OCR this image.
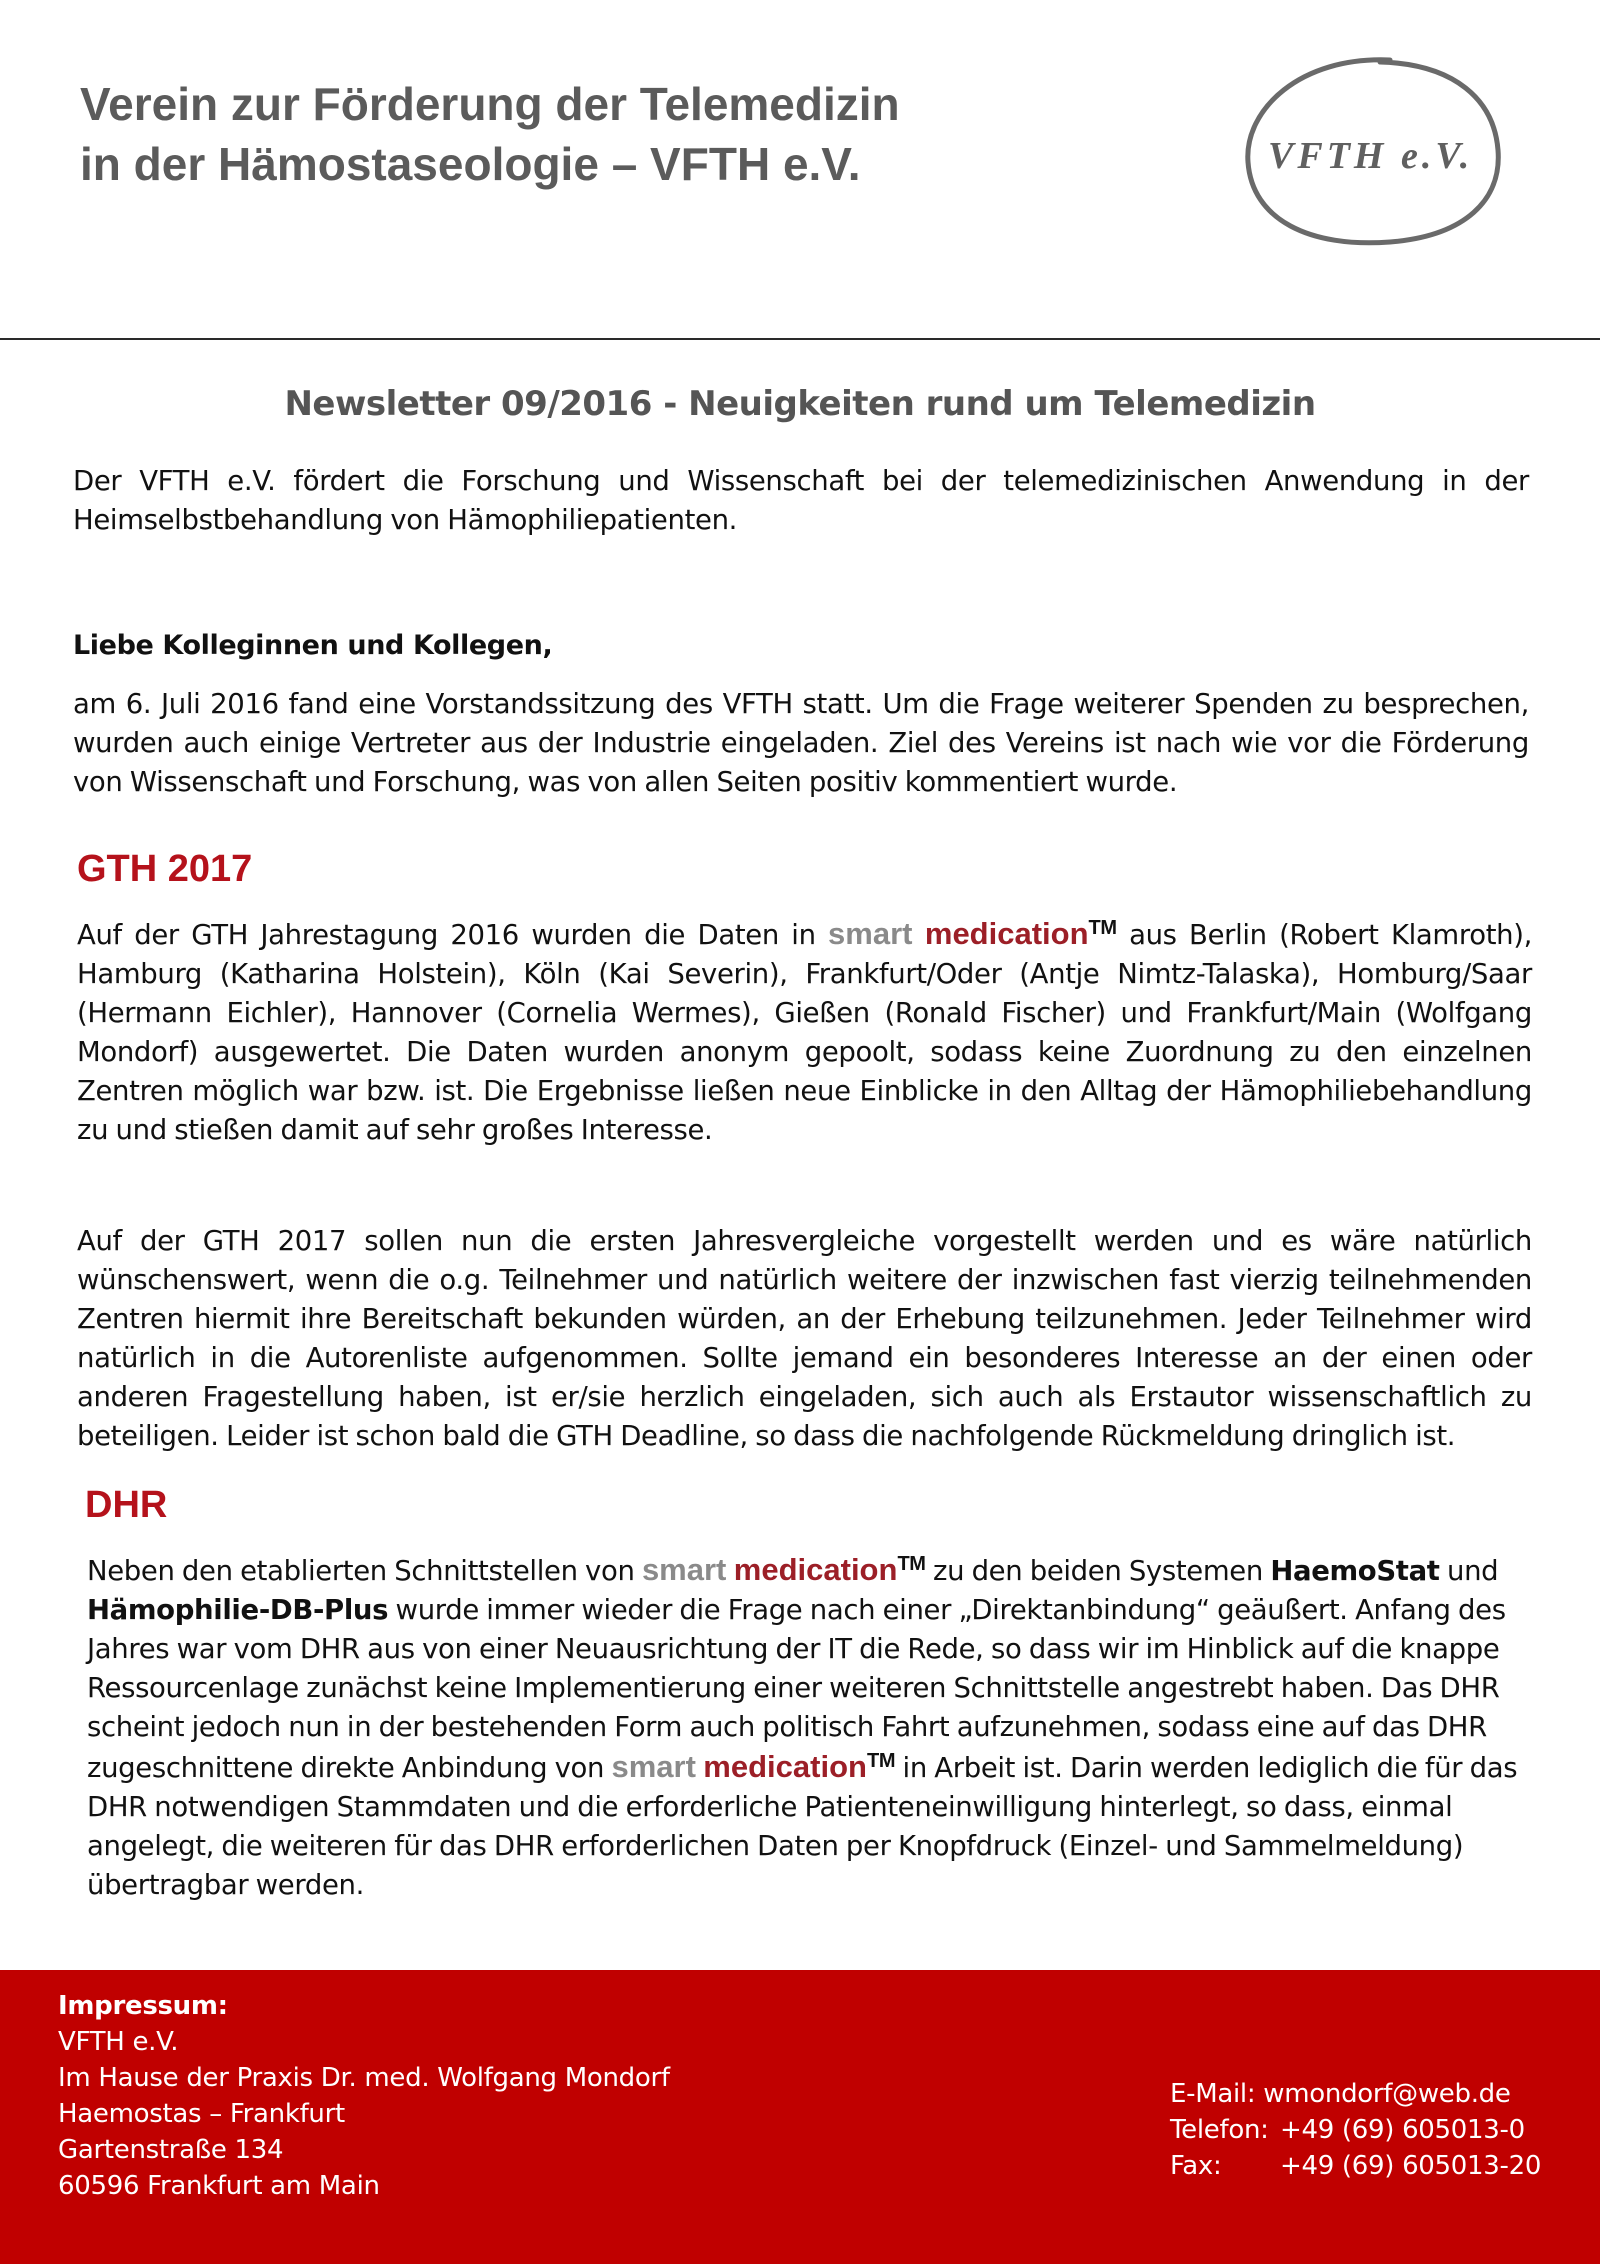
Verein zur Förderung der Telemedizin
in der Hämostaseologie – VFTH e.V.	VFTH e.V.
Newsletter 09/2016 - Neuigkeiten rund um Telemedizin
Der VFTH e.V. fördert die Forschung und Wissenschaft bei der telemedizinischen Anwendung in der Heimselbstbehandlung von Hämophiliepatienten.
Liebe Kolleginnen und Kollegen,
am 6. Juli 2016 fand eine Vorstandssitzung des VFTH statt. Um die Frage weiterer Spenden zu besprechen, wurden auch einige Vertreter aus der Industrie eingeladen. Ziel des Vereins ist nach wie vor die Förderung von Wissenschaft und Forschung, was von allen Seiten positiv kommentiert wurde.
GTH 2017
Auf der GTH Jahrestagung 2016 wurden die Daten in smart medication™ aus Berlin (Robert Klamroth), Hamburg (Katharina Holstein), Köln (Kai Severin), Frankfurt/Oder (Antje Nimtz-Talaska), Homburg/Saar (Hermann Eichler), Hannover (Cornelia Wermes), Gießen (Ronald Fischer) und Frankfurt/Main (Wolfgang Mondorf) ausgewertet. Die Daten wurden anonym gepoolt, sodass keine Zuordnung zu den einzelnen Zentren möglich war bzw. ist. Die Ergebnisse ließen neue Einblicke in den Alltag der Hämophiliebehandlung zu und stießen damit auf sehr großes Interesse.
Auf der GTH 2017 sollen nun die ersten Jahresvergleiche vorgestellt werden und es wäre natürlich wünschenswert, wenn die o.g. Teilnehmer und natürlich weitere der inzwischen fast vierzig teilnehmenden Zentren hiermit ihre Bereitschaft bekunden würden, an der Erhebung teilzunehmen. Jeder Teilnehmer wird natürlich in die Autorenliste aufgenommen. Sollte jemand ein besonderes Interesse an der einen oder anderen Fragestellung haben, ist er/sie herzlich eingeladen, sich auch als Erstautor wissenschaftlich zu beteiligen. Leider ist schon bald die GTH Deadline, so dass die nachfolgende Rückmeldung dringlich ist.
DHR
Neben den etablierten Schnittstellen von smart medication™ zu den beiden Systemen HaemoStat und
Hämophilie-DB-Plus wurde immer wieder die Frage nach einer „Direktanbindung“ geäußert. Anfang des Jahres war vom DHR aus von einer Neuausrichtung der IT die Rede, so dass wir im Hinblick auf die knappe Ressourcenlage zunächst keine Implementierung einer weiteren Schnittstelle angestrebt haben. Das DHR scheint jedoch nun in der bestehenden Form auch politisch Fahrt aufzunehmen, sodass eine auf das DHR zugeschnittene direkte Anbindung von smart medication™ in Arbeit ist. Darin werden lediglich die für das DHR notwendigen Stammdaten und die erforderliche Patienteneinwilligung hinterlegt, so dass, einmal angelegt, die weiteren für das DHR erforderlichen Daten per Knopfdruck (Einzel- und Sammelmeldung) übertragbar werden.
Impressum:
VFTH e.V.
Im Hause der Praxis Dr. med. Wolfgang Mondorf
Haemostas – Frankfurt
Gartenstraße 134
60596 Frankfurt am Main
E-Mail: wmondorf@web.de
Telefon: +49 (69) 605013-0
Fax:	+49 (69) 605013-20
